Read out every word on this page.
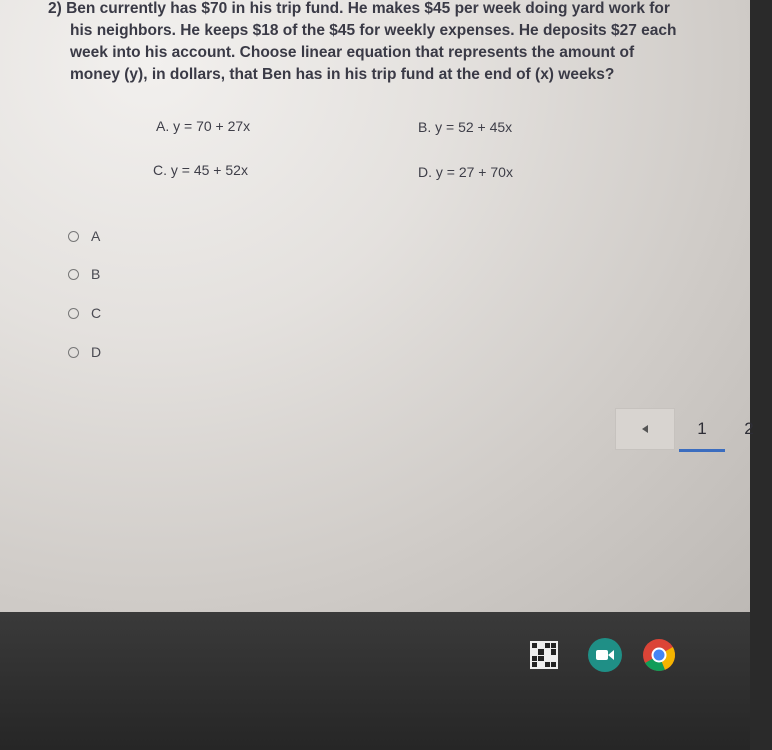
2) Ben currently has $70 in his trip fund. He makes $45 per week doing yard work for his neighbors. He keeps $18 of the $45 for weekly expenses. He deposits $27 each week into his account. Choose linear equation that represents the amount of money (y), in dollars, that Ben has in his trip fund at the end of (x) weeks?
A. y = 70 + 27x	B. y = 52 + 45x
C. y = 45 + 52x	D. y = 27 + 70x
A
B
C
D
1	2
